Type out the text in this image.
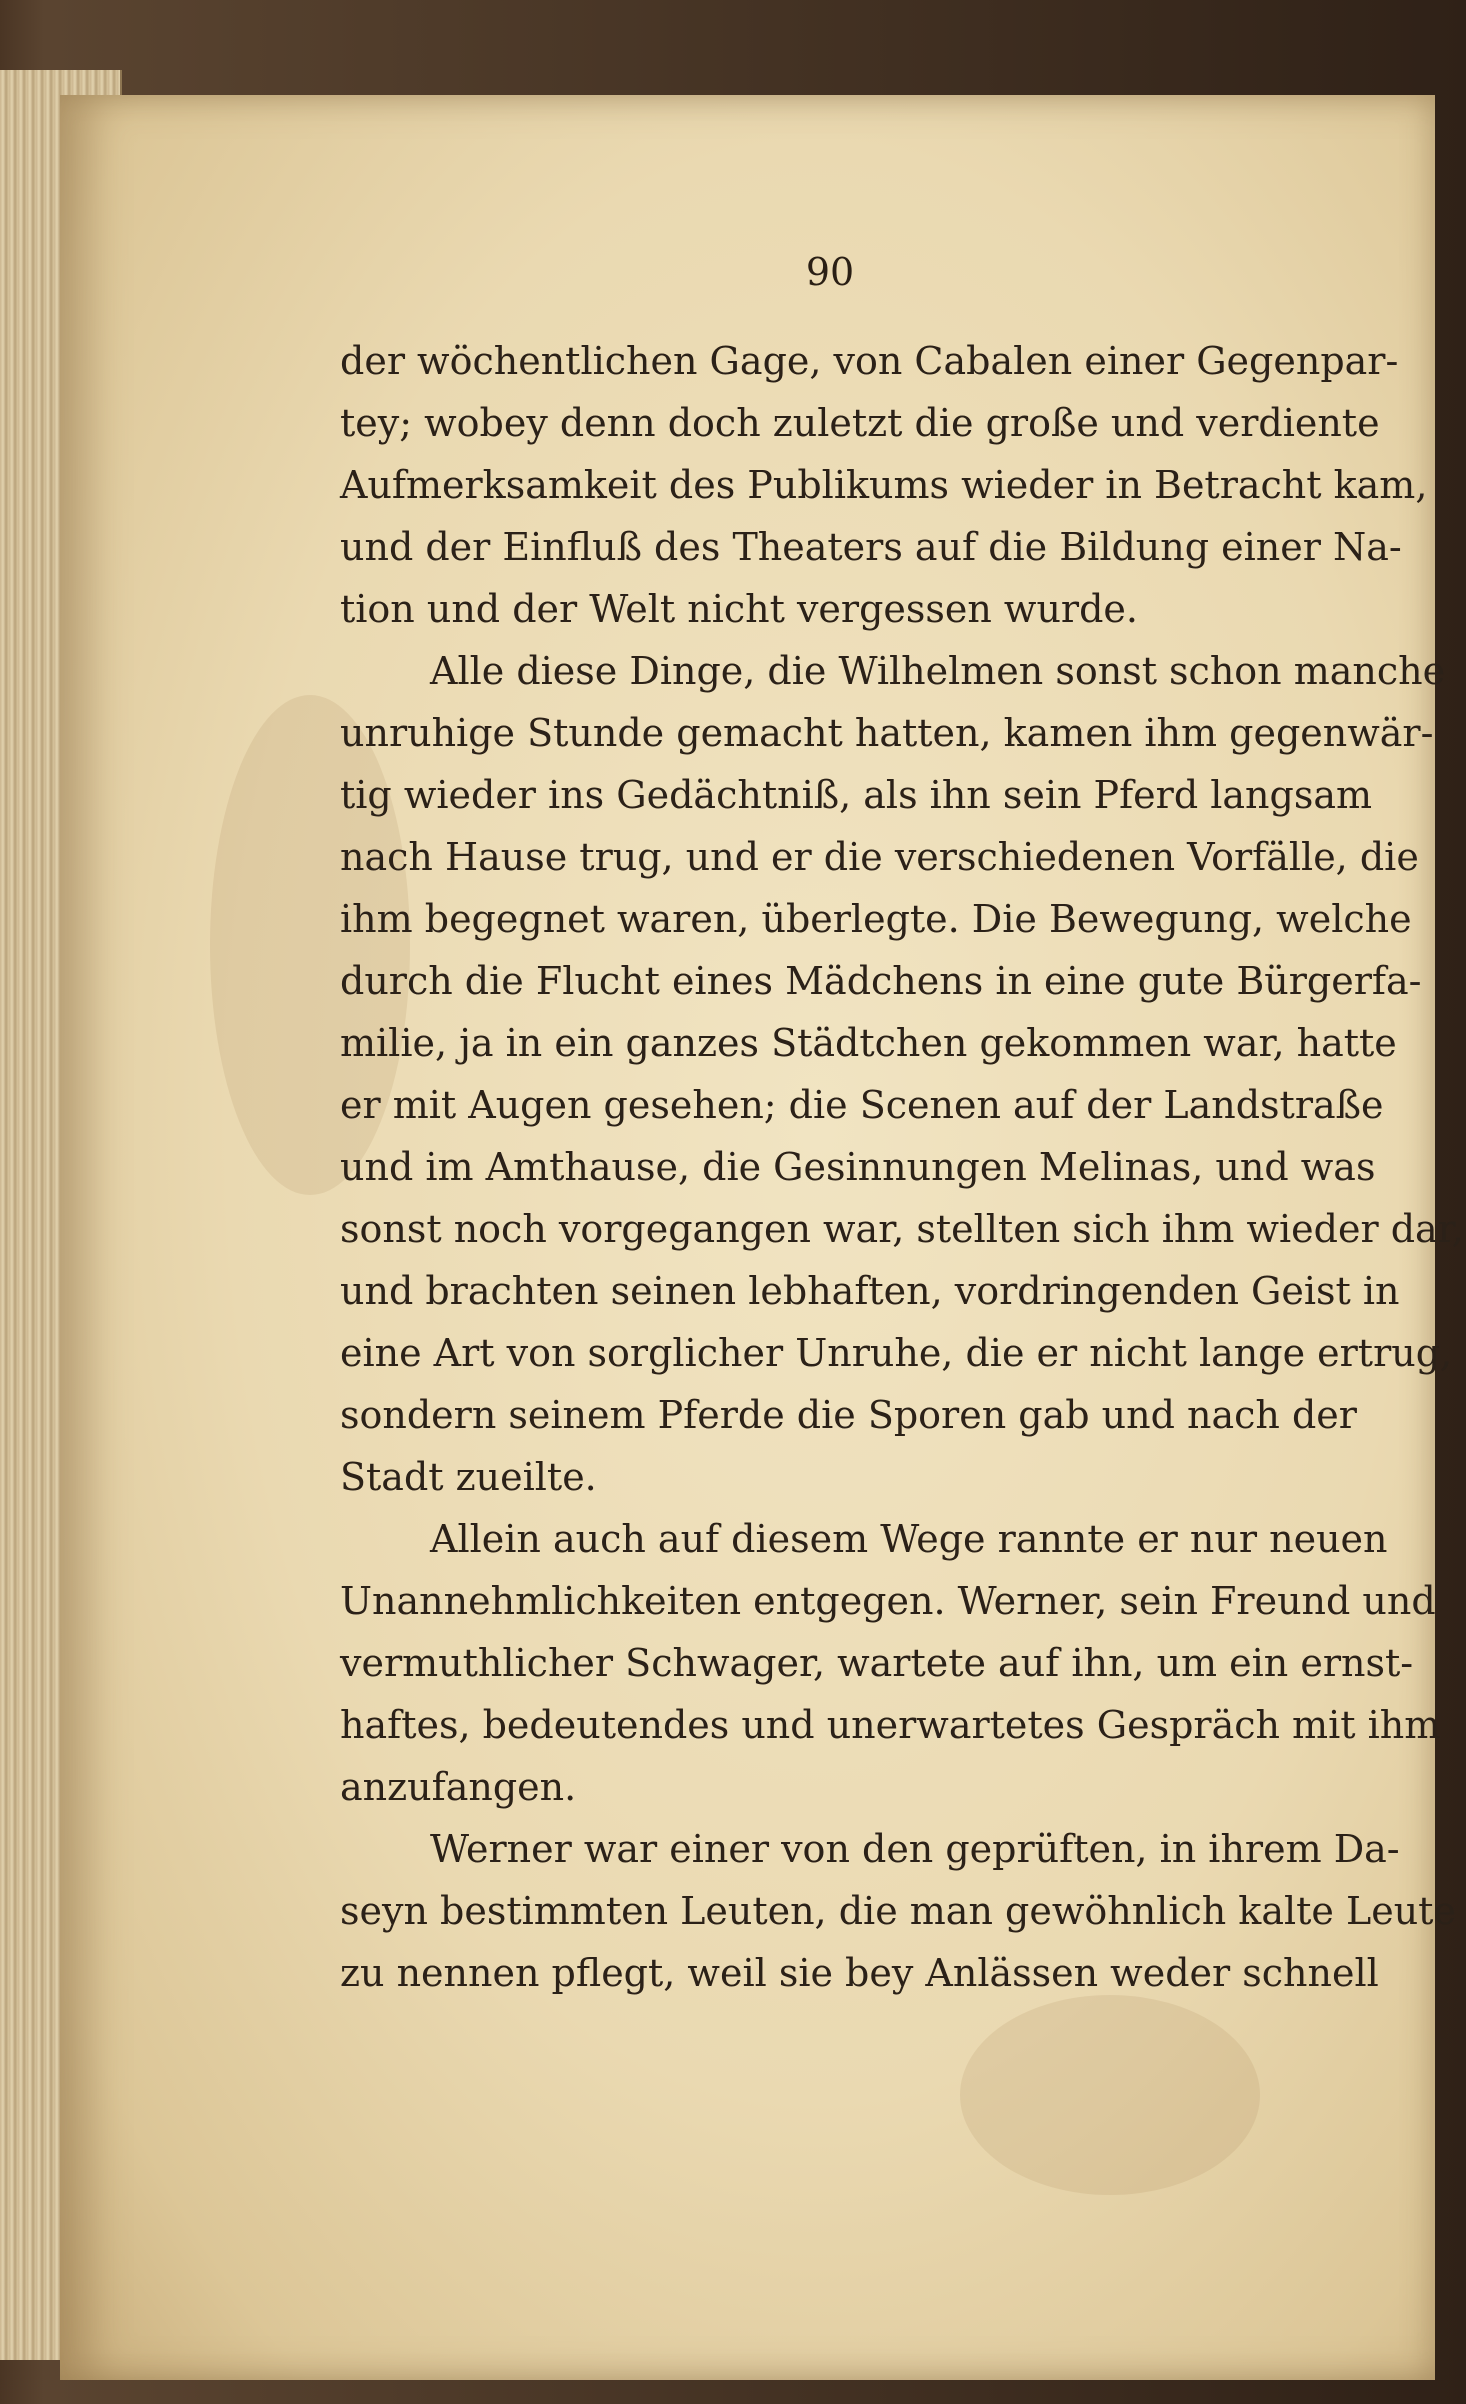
90
der wöchentlichen Gage, von Cabalen einer Gegenpar-
tey; wobey denn doch zuletzt die große und verdiente
Aufmerksamkeit des Publikums wieder in Betracht kam,
und der Einfluß des Theaters auf die Bildung einer Na-
tion und der Welt nicht vergessen wurde.
Alle diese Dinge, die Wilhelmen sonst schon manche
unruhige Stunde gemacht hatten, kamen ihm gegenwär-
tig wieder ins Gedächtniß, als ihn sein Pferd langsam
nach Hause trug, und er die verschiedenen Vorfälle, die
ihm begegnet waren, überlegte. Die Bewegung, welche
durch die Flucht eines Mädchens in eine gute Bürgerfa-
milie, ja in ein ganzes Städtchen gekommen war, hatte
er mit Augen gesehen; die Scenen auf der Landstraße
und im Amthause, die Gesinnungen Melinas, und was
sonst noch vorgegangen war, stellten sich ihm wieder dar,
und brachten seinen lebhaften, vordringenden Geist in
eine Art von sorglicher Unruhe, die er nicht lange ertrug,
sondern seinem Pferde die Sporen gab und nach der
Stadt zueilte.
Allein auch auf diesem Wege rannte er nur neuen
Unannehmlichkeiten entgegen. Werner, sein Freund und
vermuthlicher Schwager, wartete auf ihn, um ein ernst-
haftes, bedeutendes und unerwartetes Gespräch mit ihm
anzufangen.
Werner war einer von den geprüften, in ihrem Da-
seyn bestimmten Leuten, die man gewöhnlich kalte Leute
zu nennen pflegt, weil sie bey Anlässen weder schnell
